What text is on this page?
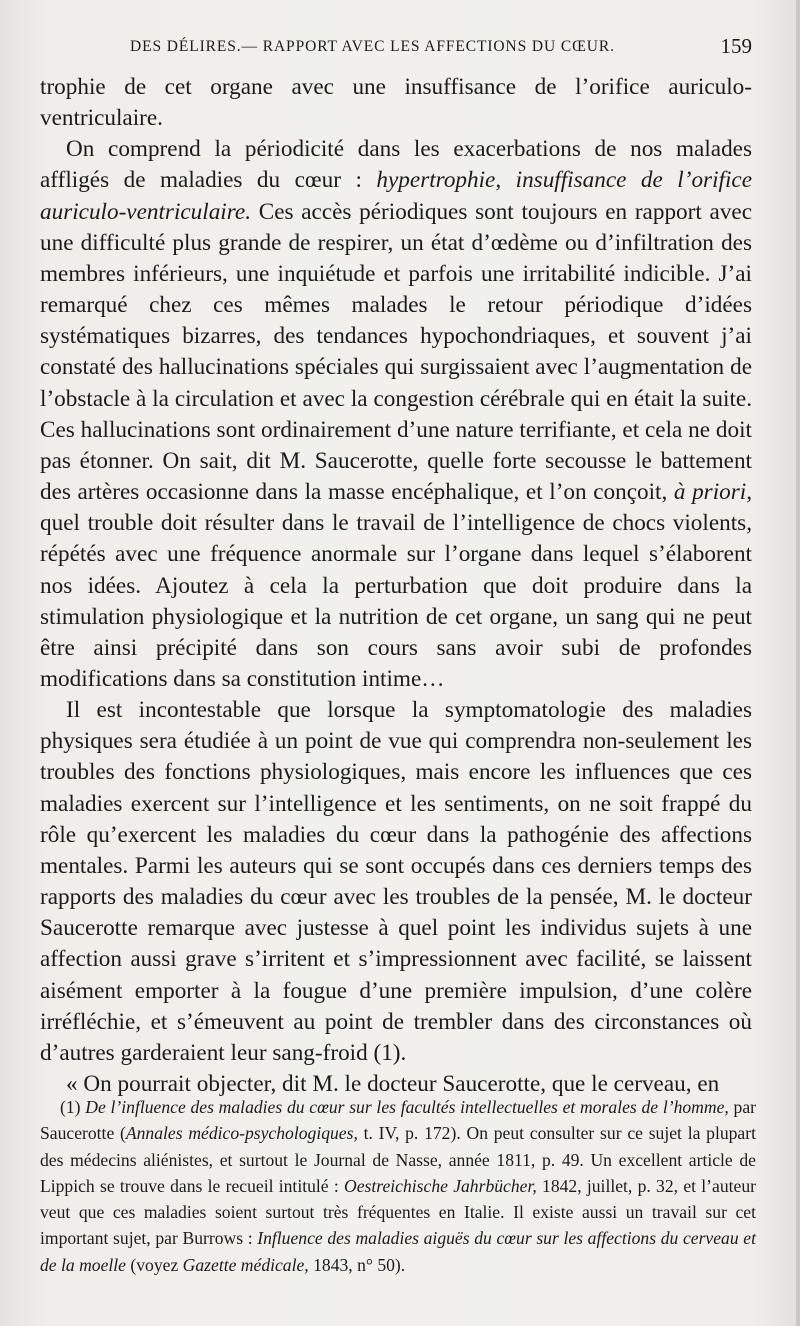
DES DÉLIRES.— RAPPORT AVEC LES AFFECTIONS DU CŒUR.	159

trophie de cet organe avec une insuffisance de l’orifice auriculo-ventriculaire.

On comprend la périodicité dans les exacerbations de nos malades affligés de maladies du cœur : hypertrophie, insuffisance de l’orifice auriculo-ventriculaire. Ces accès périodiques sont toujours en rapport avec une difficulté plus grande de respirer, un état d’œdème ou d’infiltration des membres inférieurs, une inquiétude et parfois une irritabilité indicible. J’ai remarqué chez ces mêmes malades le retour périodique d’idées systématiques bizarres, des tendances hypochondriaques, et souvent j’ai constaté des hallucinations spéciales qui surgissaient avec l’augmentation de l’obstacle à la circulation et avec la congestion cérébrale qui en était la suite. Ces hallucinations sont ordinairement d’une nature terrifiante, et cela ne doit pas étonner. On sait, dit M. Saucerotte, quelle forte secousse le battement des artères occasionne dans la masse encéphalique, et l’on conçoit, à priori, quel trouble doit résulter dans le travail de l’intelligence de chocs violents, répétés avec une fréquence anormale sur l’organe dans lequel s’élaborent nos idées. Ajoutez à cela la perturbation que doit produire dans la stimulation physiologique et la nutrition de cet organe, un sang qui ne peut être ainsi précipité dans son cours sans avoir subi de profondes modifications dans sa constitution intime…

Il est incontestable que lorsque la symptomatologie des maladies physiques sera étudiée à un point de vue qui comprendra non-seulement les troubles des fonctions physiologiques, mais encore les influences que ces maladies exercent sur l’intelligence et les sentiments, on ne soit frappé du rôle qu’exercent les maladies du cœur dans la pathogénie des affections mentales. Parmi les auteurs qui se sont occupés dans ces derniers temps des rapports des maladies du cœur avec les troubles de la pensée, M. le docteur Saucerotte remarque avec justesse à quel point les individus sujets à une affection aussi grave s’irritent et s’impressionnent avec facilité, se laissent aisément emporter à la fougue d’une première impulsion, d’une colère irréfléchie, et s’émeuvent au point de trembler dans des circonstances où d’autres garderaient leur sang-froid (1).

« On pourrait objecter, dit M. le docteur Saucerotte, que le cerveau, en

(1) De l’influence des maladies du cœur sur les facultés intellectuelles et morales de l’homme, par Saucerotte (Annales médico-psychologiques, t. IV, p. 172). On peut consulter sur ce sujet la plupart des médecins aliénistes, et surtout le Journal de Nasse, année 1811, p. 49. Un excellent article de Lippich se trouve dans le recueil intitulé : Oestreichische Jahrbücher, 1842, juillet, p. 32, et l’auteur veut que ces maladies soient surtout très fréquentes en Italie. Il existe aussi un travail sur cet important sujet, par Burrows : Influence des maladies aiguës du cœur sur les affections du cerveau et de la moelle (voyez Gazette médicale, 1843, n° 50).
